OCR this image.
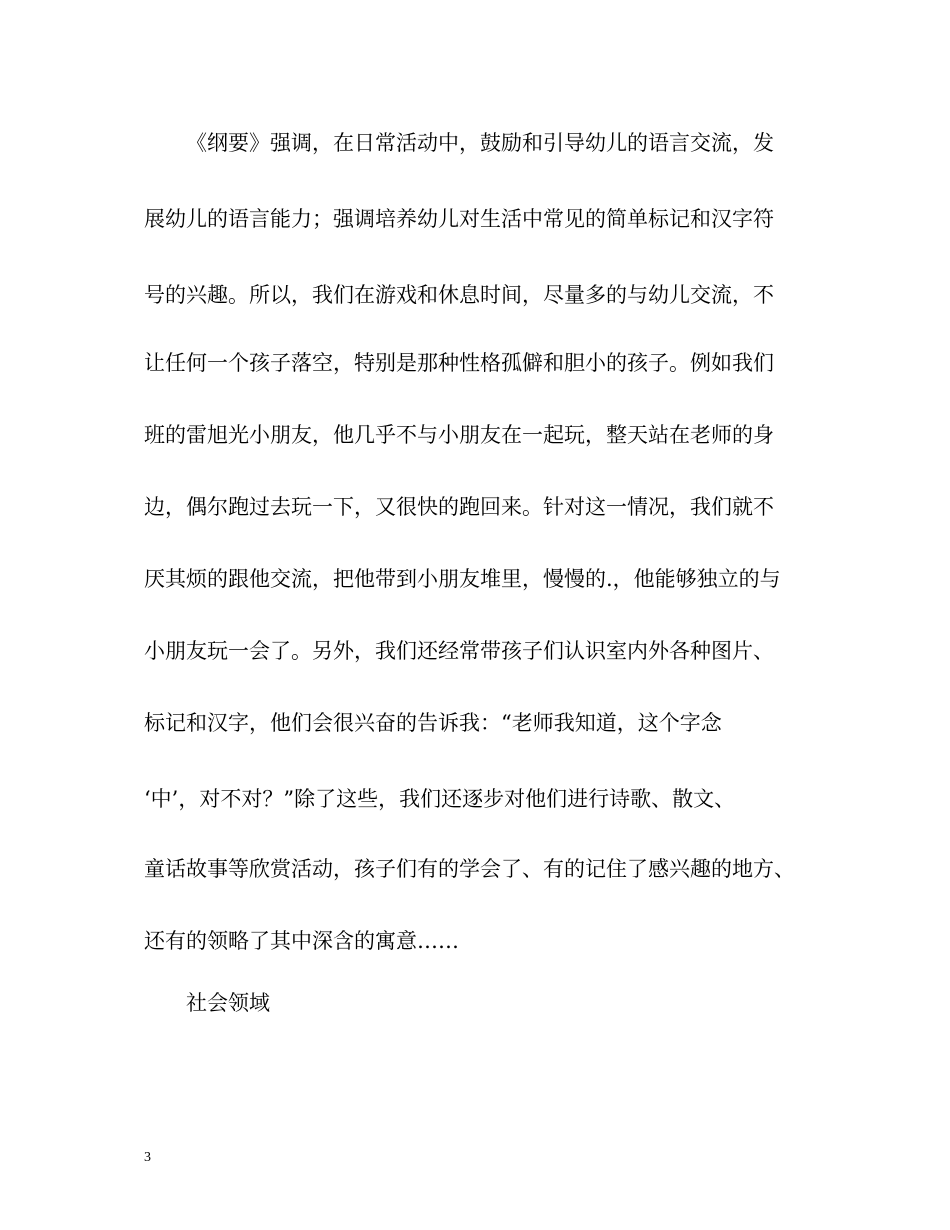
《纲要》强调，在日常活动中，鼓励和引导幼儿的语言交流，发
展幼儿的语言能力；强调培养幼儿对生活中常见的简单标记和汉字符
号的兴趣。所以，我们在游戏和休息时间，尽量多的与幼儿交流，不
让任何一个孩子落空，特别是那种性格孤僻和胆小的孩子。例如我们
班的雷旭光小朋友，他几乎不与小朋友在一起玩，整天站在老师的身
边，偶尔跑过去玩一下，又很快的跑回来。针对这一情况，我们就不
厌其烦的跟他交流，把他带到小朋友堆里，慢慢的.，他能够独立的与
小朋友玩一会了。另外，我们还经常带孩子们认识室内外各种图片、
标记和汉字，他们会很兴奋的告诉我：“老师我知道，这个字念
‘中’，对不对？”除了这些，我们还逐步对他们进行诗歌、散文、
童话故事等欣赏活动，孩子们有的学会了、有的记住了感兴趣的地方、
还有的领略了其中深含的寓意……
社会领域
3
